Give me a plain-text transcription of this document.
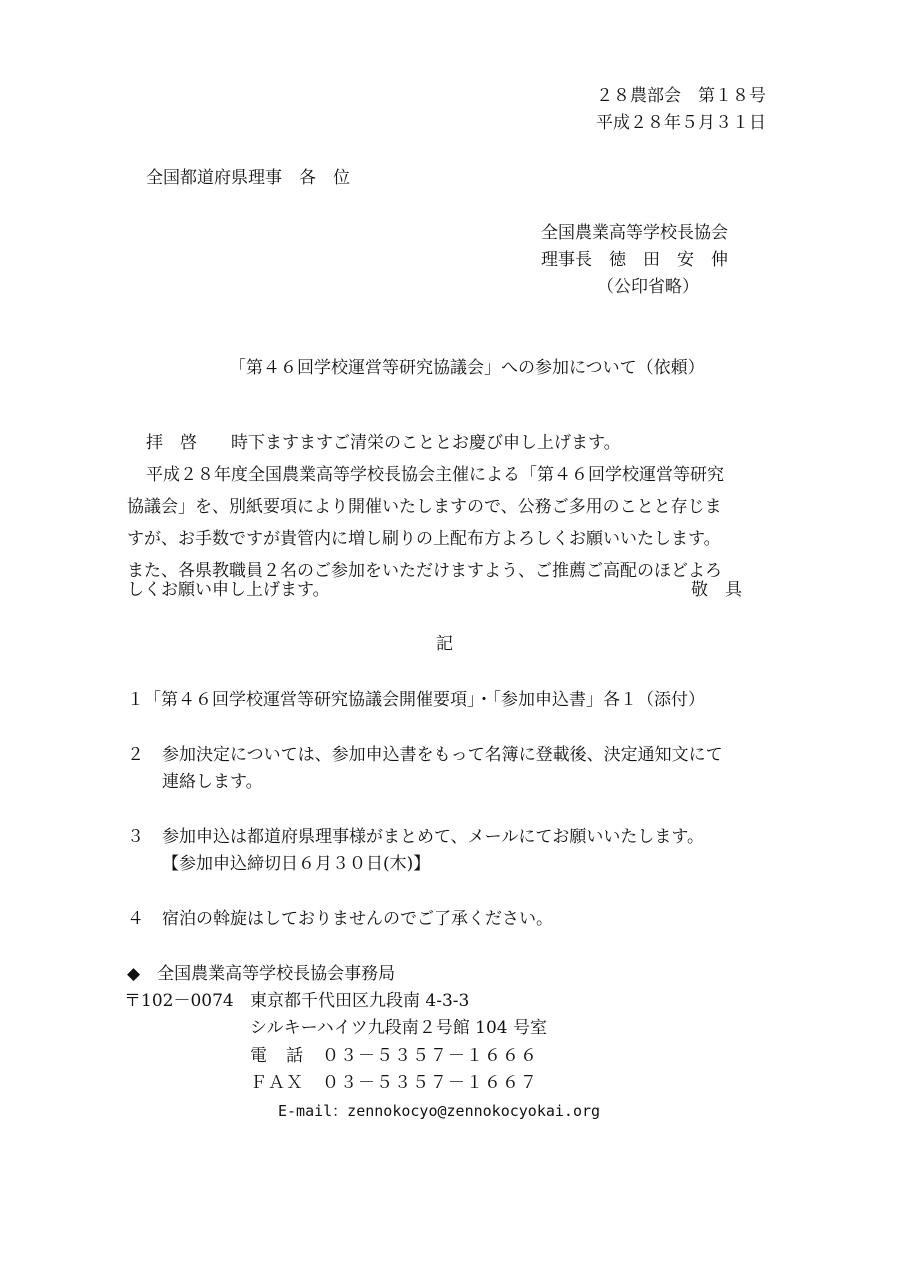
２８農部会　第１８号
平成２８年５月３１日
全国都道府県理事　各　位
全国農業高等学校長協会
理事長　徳　田　安　伸
（公印省略）
「第４６回学校運営等研究協議会」への参加について（依頼）
拝　啓　　時下ますますご清栄のこととお慶び申し上げます。
平成２８年度全国農業高等学校長協会主催による「第４６回学校運営等研究
協議会」を、別紙要項により開催いたしますので、公務ご多用のことと存じま
すが、お手数ですが貴管内に増し刷りの上配布方よろしくお願いいたします。
また、各県教職員２名のご参加をいただけますよう、ご推薦ご高配のほどよろ
しくお願い申し上げます。	敬　具
記
１「第４６回学校運営等研究協議会開催要項」・「参加申込書」各１（添付）
２ 参加決定については、参加申込書をもって名簿に登載後、決定通知文にて
連絡します。
３ 参加申込は都道府県理事様がまとめて、メールにてお願いいたします。
【参加申込締切日６月３０日(木)】
４ 宿泊の斡旋はしておりませんのでご了承ください。
◆　全国農業高等学校長協会事務局
〒102－0074 東京都千代田区九段南 4-3-3
シルキーハイツ九段南２号館 104 号室
電　話　０３－５３５７－１６６６
ＦＡＸ　０３－５３５７－１６６７
E-mail：zennokocyo@zennokocyokai.org
